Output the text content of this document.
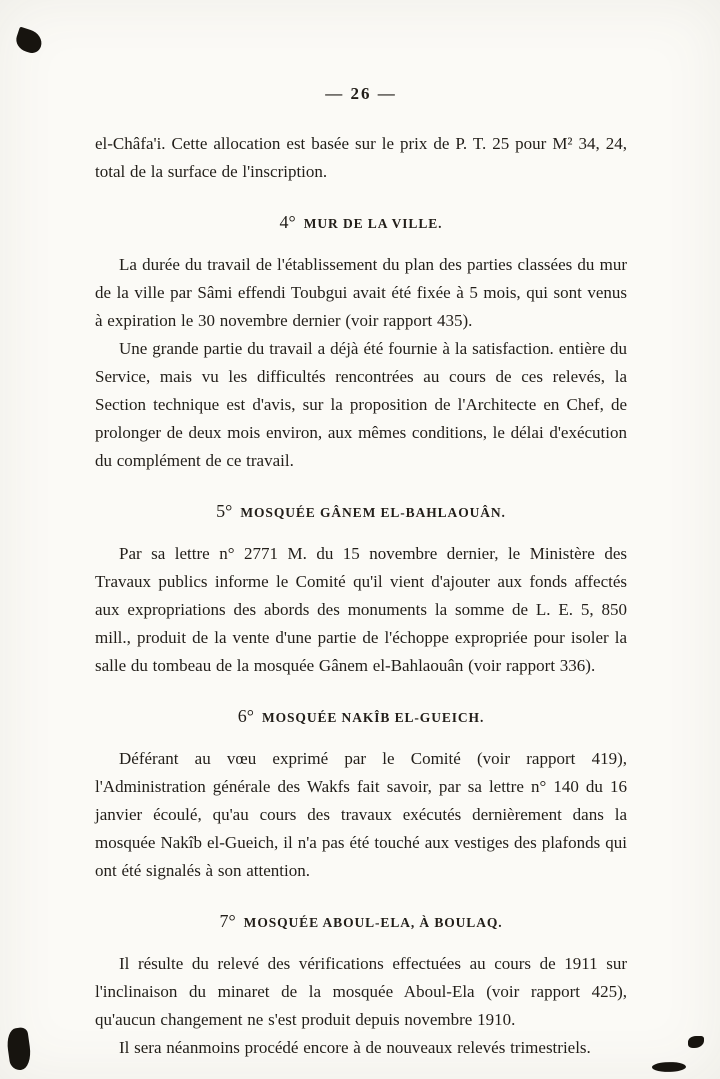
— 26 —

el-Châfa'i. Cette allocation est basée sur le prix de P. T. 25 pour M² 34, 24, total de la surface de l'inscription.

4° MUR DE LA VILLE.

La durée du travail de l'établissement du plan des parties classées du mur de la ville par Sâmi effendi Toubgui avait été fixée à 5 mois, qui sont venus à expiration le 30 novembre dernier (voir rapport 435).

Une grande partie du travail a déjà été fournie à la satisfaction. entière du Service, mais vu les difficultés rencontrées au cours de ces relevés, la Section technique est d'avis, sur la proposition de l'Architecte en Chef, de prolonger de deux mois environ, aux mêmes conditions, le délai d'exécution du complément de ce travail.

5° MOSQUÉE GÂNEM EL-BAHLAOUÂN.

Par sa lettre n° 2771 M. du 15 novembre dernier, le Ministère des Travaux publics informe le Comité qu'il vient d'ajouter aux fonds affectés aux expropriations des abords des monuments la somme de L. E. 5, 850 mill., produit de la vente d'une partie de l'échoppe expropriée pour isoler la salle du tombeau de la mosquée Gânem el-Bahlaouân (voir rapport 336).

6° MOSQUÉE NAKÎB EL-GUEICH.

Déférant au vœu exprimé par le Comité (voir rapport 419), l'Administration générale des Wakfs fait savoir, par sa lettre n° 140 du 16 janvier écoulé, qu'au cours des travaux exécutés dernièrement dans la mosquée Nakîb el-Gueich, il n'a pas été touché aux vestiges des plafonds qui ont été signalés à son attention.

7° MOSQUÉE ABOUL-ELA, À BOULAQ.

Il résulte du relevé des vérifications effectuées au cours de 1911 sur l'inclinaison du minaret de la mosquée Aboul-Ela (voir rapport 425), qu'aucun changement ne s'est produit depuis novembre 1910.

Il sera néanmoins procédé encore à de nouveaux relevés trimestriels.
